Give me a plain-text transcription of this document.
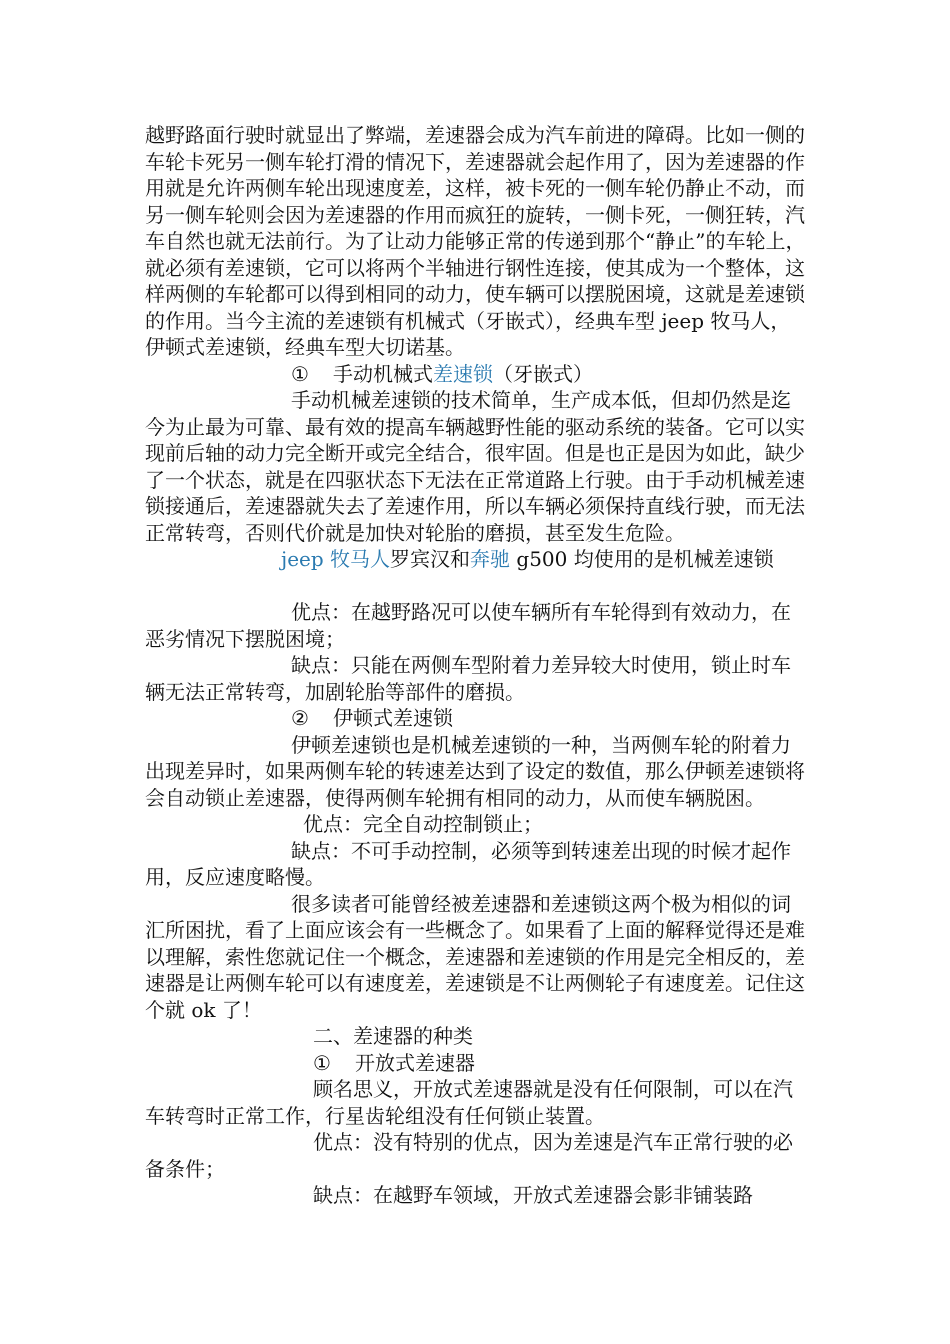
越野路面行驶时就显出了弊端，差速器会成为汽车前进的障碍。比如一侧的车轮卡死另一侧车轮打滑的情况下，差速器就会起作用了，因为差速器的作用就是允许两侧车轮出现速度差，这样，被卡死的一侧车轮仍静止不动，而另一侧车轮则会因为差速器的作用而疯狂的旋转，一侧卡死，一侧狂转，汽车自然也就无法前行。为了让动力能够正常的传递到那个“静止”的车轮上，就必须有差速锁，它可以将两个半轴进行钢性连接，使其成为一个整体，这样两侧的车轮都可以得到相同的动力，使车辆可以摆脱困境，这就是差速锁的作用。当今主流的差速锁有机械式（牙嵌式），经典车型 jeep 牧马人，伊顿式差速锁，经典车型大切诺基。

① 手动机械式差速锁（牙嵌式）

手动机械差速锁的技术简单，生产成本低，但却仍然是迄今为止最为可靠、最有效的提高车辆越野性能的驱动系统的装备。它可以实现前后轴的动力完全断开或完全结合，很牢固。但是也正是因为如此，缺少了一个状态，就是在四驱状态下无法在正常道路上行驶。由于手动机械差速锁接通后，差速器就失去了差速作用，所以车辆必须保持直线行驶，而无法正常转弯，否则代价就是加快对轮胎的磨损，甚至发生危险。

jeep 牧马人罗宾汉和奔驰 g500 均使用的是机械差速锁

优点：在越野路况可以使车辆所有车轮得到有效动力，在恶劣情况下摆脱困境；

缺点：只能在两侧车型附着力差异较大时使用，锁止时车辆无法正常转弯，加剧轮胎等部件的磨损。

② 伊顿式差速锁

伊顿差速锁也是机械差速锁的一种，当两侧车轮的附着力出现差异时，如果两侧车轮的转速差达到了设定的数值，那么伊顿差速锁将会自动锁止差速器，使得两侧车轮拥有相同的动力，从而使车辆脱困。

优点：完全自动控制锁止；

缺点：不可手动控制，必须等到转速差出现的时候才起作用，反应速度略慢。

很多读者可能曾经被差速器和差速锁这两个极为相似的词汇所困扰，看了上面应该会有一些概念了。如果看了上面的解释觉得还是难以理解，索性您就记住一个概念，差速器和差速锁的作用是完全相反的，差速器是让两侧车轮可以有速度差，差速锁是不让两侧轮子有速度差。记住这个就 ok 了！

二、差速器的种类

① 开放式差速器

顾名思义，开放式差速器就是没有任何限制，可以在汽车转弯时正常工作，行星齿轮组没有任何锁止装置。

优点：没有特别的优点，因为差速是汽车正常行驶的必备条件；

缺点：在越野车领域，开放式差速器会影非铺装路
